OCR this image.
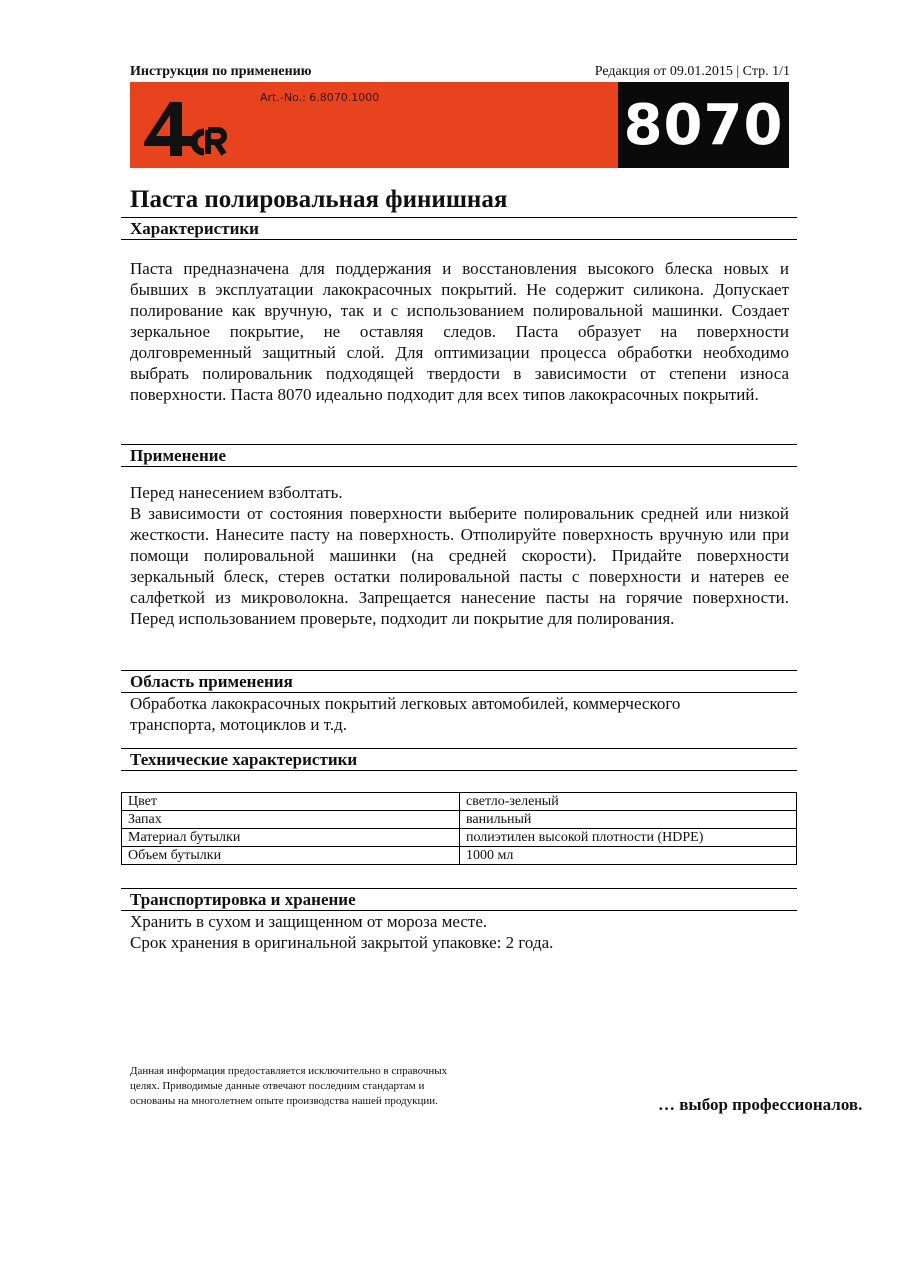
Инструкция по применению	Редакция от 09.01.2015 | Стр. 1/1
Art.-No.: 6.8070.1000	8070
Паста полировальная финишная
Характеристики

Паста предназначена для поддержания и восстановления высокого блеска новых и бывших в эксплуатации лакокрасочных покрытий. Не содержит силикона. Допускает полирование как вручную, так и с использованием полировальной машинки. Создает зеркальное покрытие, не оставляя следов. Паста образует на поверхности долговременный защитный слой. Для оптимизации процесса обработки необходимо выбрать полировальник подходящей твердости в зависимости от степени износа поверхности. Паста 8070 идеально подходит для всех типов лакокрасочных покрытий.

Применение

Перед нанесением взболтать.

В зависимости от состояния поверхности выберите полировальник средней или низкой жесткости. Нанесите пасту на поверхность. Отполируйте поверхность вручную или при помощи полировальной машинки (на средней скорости). Придайте поверхности зеркальный блеск, стерев остатки полировальной пасты с поверхности и натерев ее салфеткой из микроволокна. Запрещается нанесение пасты на горячие поверхности. Перед использованием проверьте, подходит ли покрытие для полирования.

Область применения

Обработка лакокрасочных покрытий легковых автомобилей, коммерческого транспорта, мотоциклов и т.д.

Технические характеристики
Цвет	светло-зеленый
Запах	ванильный
Материал бутылки	полиэтилен высокой плотности (HDPE)
Объем бутылки	1000 мл
Транспортировка и хранение

Хранить в сухом и защищенном от мороза месте.

Срок хранения в оригинальной закрытой упаковке: 2 года.

Данная информация предоставляется исключительно в справочных целях. Приводимые данные отвечают последним стандартам и основаны на многолетнем опыте производства нашей продукции.	… выбор профессионалов.
